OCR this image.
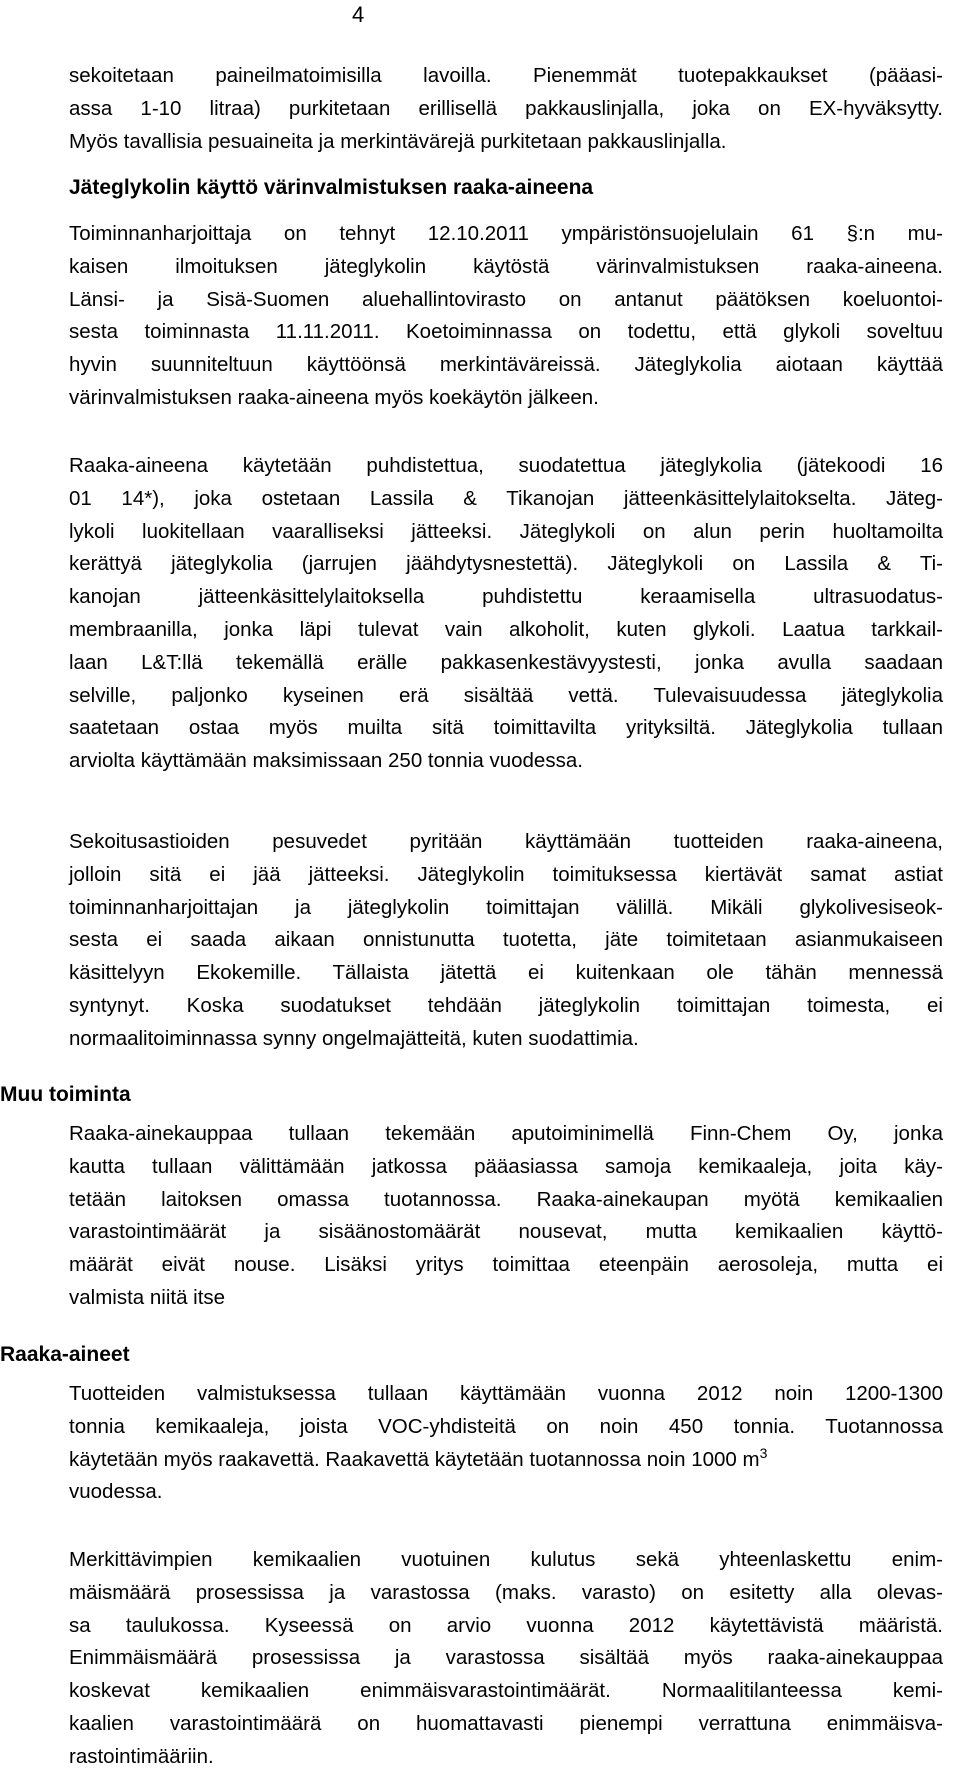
4
sekoitetaan paineilmatoimisilla lavoilla. Pienemmät tuotepakkaukset (pääasi-
assa 1-10 litraa) purkitetaan erillisellä pakkauslinjalla, joka on EX-hyväksytty.
Myös tavallisia pesuaineita ja merkintävärejä purkitetaan pakkauslinjalla.
Jäteglykolin käyttö värinvalmistuksen raaka-aineena
Toiminnanharjoittaja on tehnyt 12.10.2011 ympäristönsuojelulain 61 §:n mu-
kaisen ilmoituksen jäteglykolin käytöstä värinvalmistuksen raaka-aineena.
Länsi- ja Sisä-Suomen aluehallintovirasto on antanut päätöksen koeluontoi-
sesta toiminnasta 11.11.2011. Koetoiminnassa on todettu, että glykoli soveltuu
hyvin suunniteltuun käyttöönsä merkintäväreissä. Jäteglykolia aiotaan käyttää
värinvalmistuksen raaka-aineena myös koekäytön jälkeen.
Raaka-aineena käytetään puhdistettua, suodatettua jäteglykolia (jätekoodi 16
01 14*), joka ostetaan Lassila & Tikanojan jätteenkäsittelylaitokselta. Jäteg-
lykoli luokitellaan vaaralliseksi jätteeksi. Jäteglykoli on alun perin huoltamoilta
kerättyä jäteglykolia (jarrujen jäähdytysnestettä). Jäteglykoli on Lassila & Ti-
kanojan jätteenkäsittelylaitoksella puhdistettu keraamisella ultrasuodatus-
membraanilla, jonka läpi tulevat vain alkoholit, kuten glykoli. Laatua tarkkail-
laan L&T:llä tekemällä erälle pakkasenkestävyystesti, jonka avulla saadaan
selville, paljonko kyseinen erä sisältää vettä. Tulevaisuudessa jäteglykolia
saatetaan ostaa myös muilta sitä toimittavilta yrityksiltä. Jäteglykolia tullaan
arviolta käyttämään maksimissaan 250 tonnia vuodessa.
Sekoitusastioiden pesuvedet pyritään käyttämään tuotteiden raaka-aineena,
jolloin sitä ei jää jätteeksi. Jäteglykolin toimituksessa kiertävät samat astiat
toiminnanharjoittajan ja jäteglykolin toimittajan välillä. Mikäli glykolivesiseok-
sesta ei saada aikaan onnistunutta tuotetta, jäte toimitetaan asianmukaiseen
käsittelyyn Ekokemille. Tällaista jätettä ei kuitenkaan ole tähän mennessä
syntynyt. Koska suodatukset tehdään jäteglykolin toimittajan toimesta, ei
normaalitoiminnassa synny ongelmajätteitä, kuten suodattimia.
Muu toiminta
Raaka-ainekauppaa tullaan tekemään aputoiminimellä Finn-Chem Oy, jonka
kautta tullaan välittämään jatkossa pääasiassa samoja kemikaaleja, joita käy-
tetään laitoksen omassa tuotannossa. Raaka-ainekaupan myötä kemikaalien
varastointimäärät ja sisäänostomäärät nousevat, mutta kemikaalien käyttö-
määrät eivät nouse. Lisäksi yritys toimittaa eteenpäin aerosoleja, mutta ei
valmista niitä itse
Raaka-aineet
Tuotteiden valmistuksessa tullaan käyttämään vuonna 2012 noin 1200-1300
tonnia kemikaaleja, joista VOC-yhdisteitä on noin 450 tonnia. Tuotannossa
käytetään myös raakavettä. Raakavettä käytetään tuotannossa noin 1000 $m^3$
vuodessa.
Merkittävimpien kemikaalien vuotuinen kulutus sekä yhteenlaskettu enim-
mäismäärä prosessissa ja varastossa (maks. varasto) on esitetty alla olevas-
sa taulukossa. Kyseessä on arvio vuonna 2012 käytettävistä määristä.
Enimmäismäärä prosessissa ja varastossa sisältää myös raaka-ainekauppaa
koskevat kemikaalien enimmäisvarastointimäärät. Normaalitilanteessa kemi-
kaalien varastointimäärä on huomattavasti pienempi verrattuna enimmäisva-
rastointimääriin.
